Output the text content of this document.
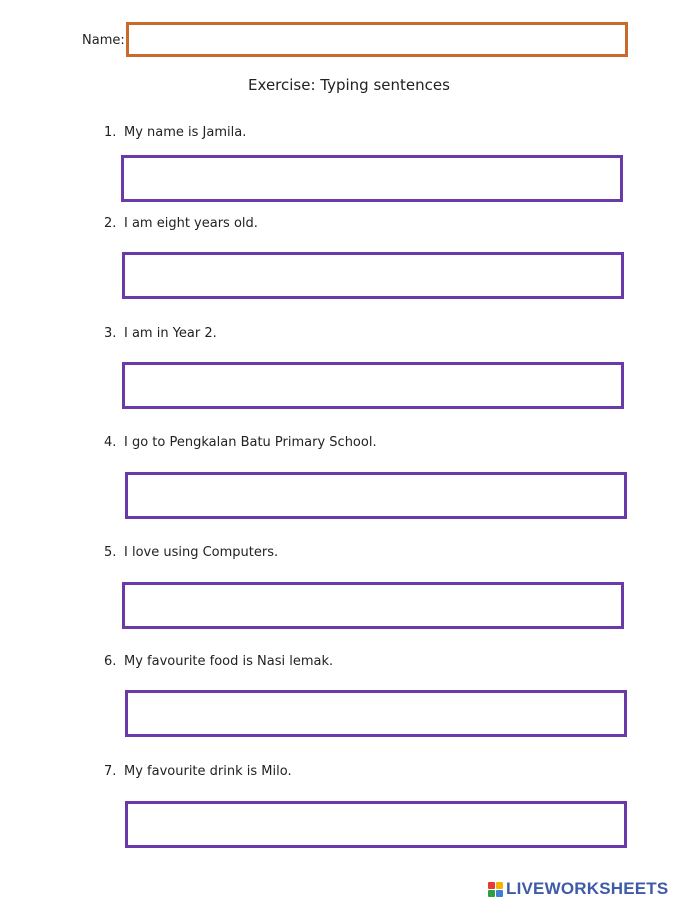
Name:
Exercise: Typing sentences
1. My name is Jamila.
2. I am eight years old.
3. I am in Year 2.
4. I go to Pengkalan Batu Primary School.
5. I love using Computers.
6. My favourite food is Nasi lemak.
7. My favourite drink is Milo.
LIVEWORKSHEETS
